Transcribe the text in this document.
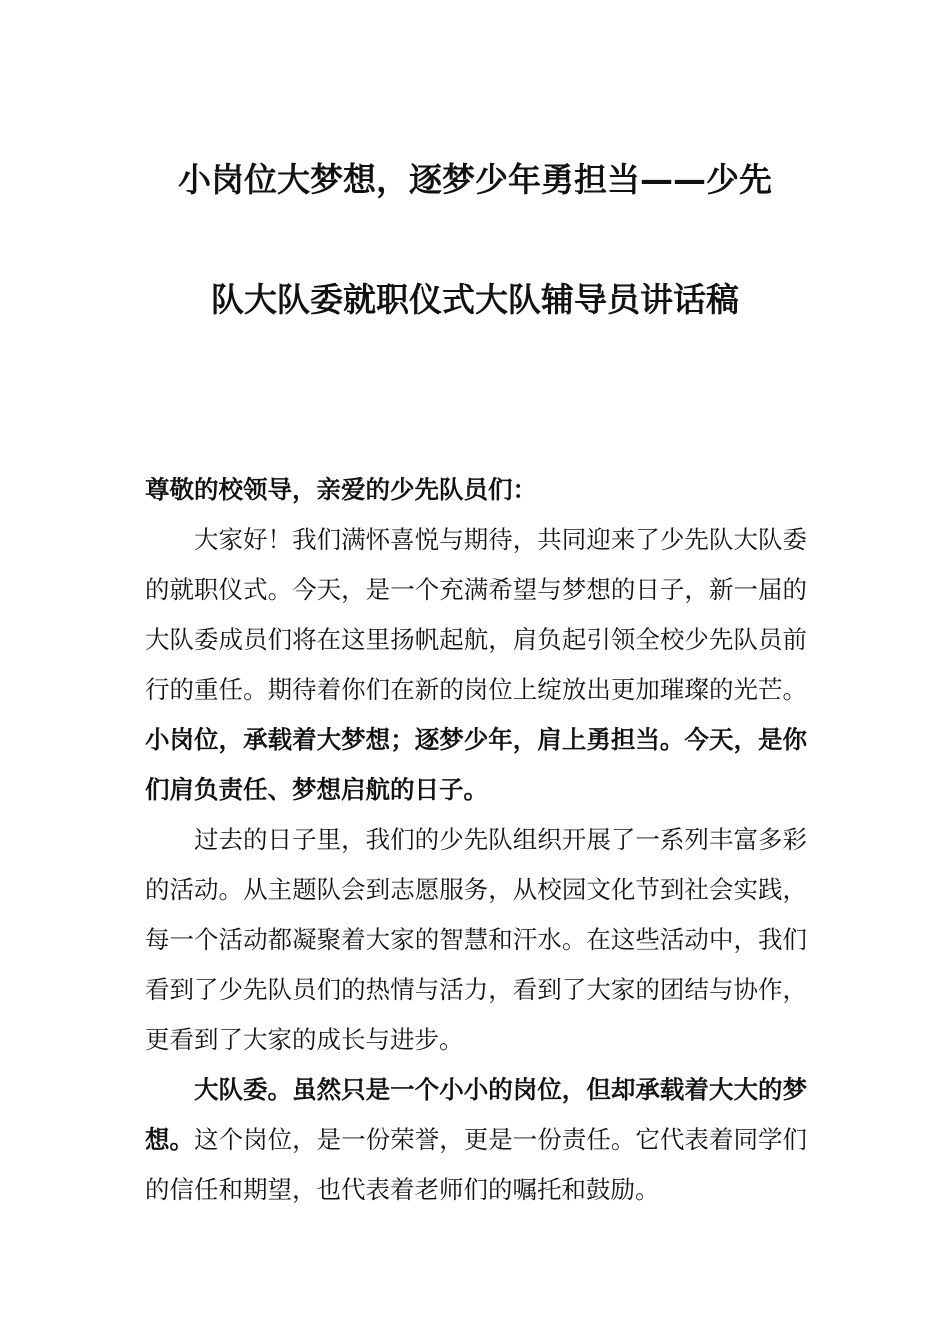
小岗位大梦想，逐梦少年勇担当——少先
队大队委就职仪式大队辅导员讲话稿

尊敬的校领导，亲爱的少先队员们：

大家好！我们满怀喜悦与期待，共同迎来了少先队大队委的就职仪式。今天，是一个充满希望与梦想的日子，新一届的大队委成员们将在这里扬帆起航，肩负起引领全校少先队员前行的重任。期待着你们在新的岗位上绽放出更加璀璨的光芒。小岗位，承载着大梦想；逐梦少年，肩上勇担当。今天，是你们肩负责任、梦想启航的日子。

过去的日子里，我们的少先队组织开展了一系列丰富多彩的活动。从主题队会到志愿服务，从校园文化节到社会实践，每一个活动都凝聚着大家的智慧和汗水。在这些活动中，我们看到了少先队员们的热情与活力，看到了大家的团结与协作，更看到了大家的成长与进步。

大队委。虽然只是一个小小的岗位，但却承载着大大的梦想。这个岗位，是一份荣誉，更是一份责任。它代表着同学们的信任和期望，也代表着老师们的嘱托和鼓励。
